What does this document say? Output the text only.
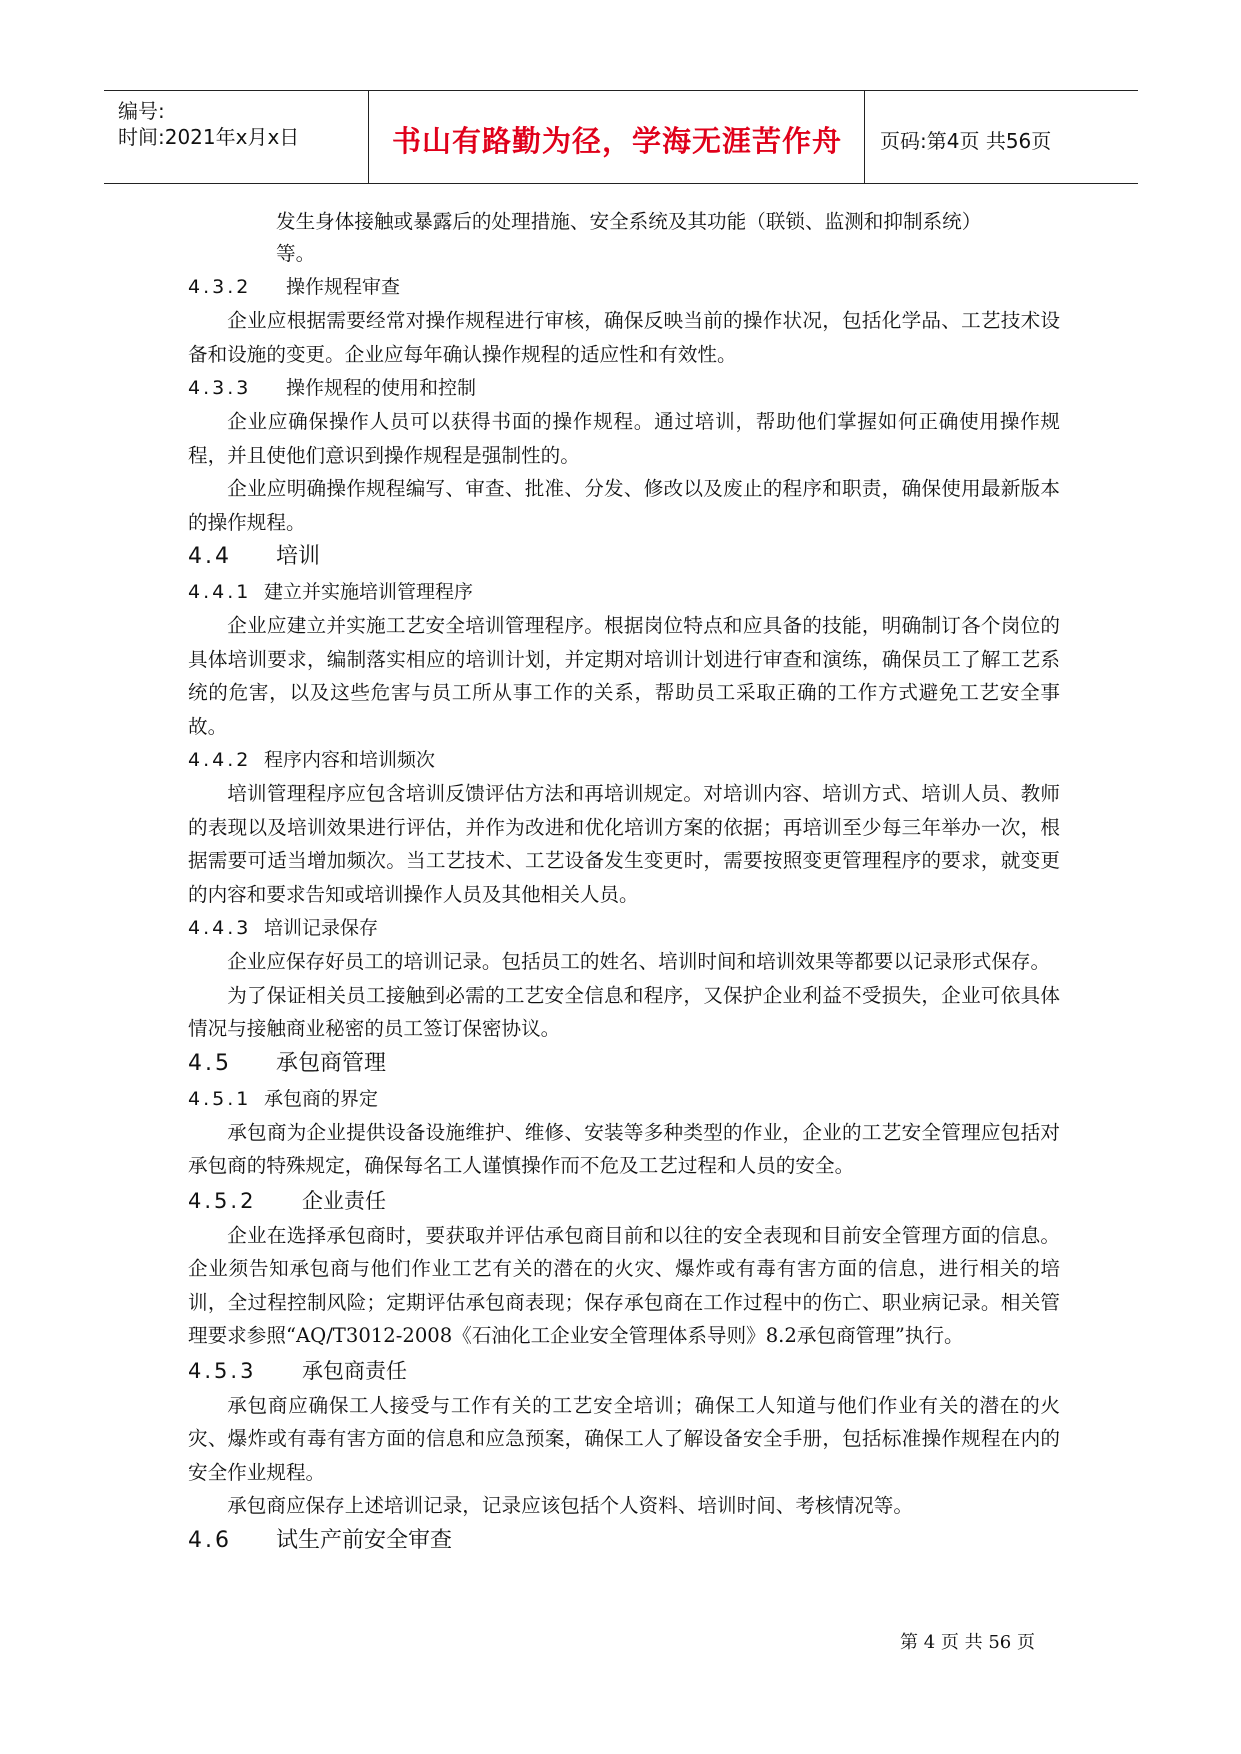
编号:
时间:2021年x月x日	书山有路勤为径，学海无涯苦作舟	页码:第4页 共56页

发生身体接触或暴露后的处理措施、安全系统及其功能（联锁、监测和抑制系统）

等。

4.3.2 操作规程审查

企业应根据需要经常对操作规程进行审核，确保反映当前的操作状况，包括化学品、工艺技术设备和设施的变更。企业应每年确认操作规程的适应性和有效性。

4.3.3 操作规程的使用和控制

企业应确保操作人员可以获得书面的操作规程。通过培训，帮助他们掌握如何正确使用操作规程，并且使他们意识到操作规程是强制性的。

企业应明确操作规程编写、审查、批准、分发、修改以及废止的程序和职责，确保使用最新版本的操作规程。

4.4 培训
4.4.1 建立并实施培训管理程序

企业应建立并实施工艺安全培训管理程序。根据岗位特点和应具备的技能，明确制订各个岗位的具体培训要求，编制落实相应的培训计划，并定期对培训计划进行审查和演练，确保员工了解工艺系统的危害，以及这些危害与员工所从事工作的关系，帮助员工采取正确的工作方式避免工艺安全事故。

4.4.2 程序内容和培训频次

培训管理程序应包含培训反馈评估方法和再培训规定。对培训内容、培训方式、培训人员、教师的表现以及培训效果进行评估，并作为改进和优化培训方案的依据；再培训至少每三年举办一次，根据需要可适当增加频次。当工艺技术、工艺设备发生变更时，需要按照变更管理程序的要求，就变更的内容和要求告知或培训操作人员及其他相关人员。

4.4.3 培训记录保存

企业应保存好员工的培训记录。包括员工的姓名、培训时间和培训效果等都要以记录形式保存。

为了保证相关员工接触到必需的工艺安全信息和程序，又保护企业利益不受损失，企业可依具体情况与接触商业秘密的员工签订保密协议。

4.5 承包商管理
4.5.1 承包商的界定

承包商为企业提供设备设施维护、维修、安装等多种类型的作业，企业的工艺安全管理应包括对承包商的特殊规定，确保每名工人谨慎操作而不危及工艺过程和人员的安全。

4.5.2 企业责任

企业在选择承包商时，要获取并评估承包商目前和以往的安全表现和目前安全管理方面的信息。企业须告知承包商与他们作业工艺有关的潜在的火灾、爆炸或有毒有害方面的信息，进行相关的培训，全过程控制风险；定期评估承包商表现；保存承包商在工作过程中的伤亡、职业病记录。相关管理要求参照“AQ/T3012-2008《石油化工企业安全管理体系导则》8.2承包商管理”执行。

4.5.3 承包商责任

承包商应确保工人接受与工作有关的工艺安全培训；确保工人知道与他们作业有关的潜在的火灾、爆炸或有毒有害方面的信息和应急预案，确保工人了解设备安全手册，包括标准操作规程在内的安全作业规程。

承包商应保存上述培训记录，记录应该包括个人资料、培训时间、考核情况等。

4.6 试生产前安全审查
第 4 页 共 56 页
